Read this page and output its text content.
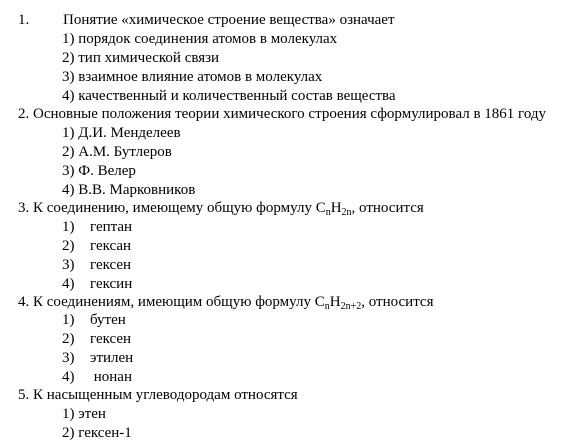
1. Понятие «химическое строение вещества» означает
1) порядок соединения атомов в молекулах
2) тип химической связи
3) взаимное влияние атомов в молекулах
4) качественный и количественный состав вещества
2. Основные положения теории химического строения сформулировал в 1861 году
1) Д.И. Менделеев
2) А.М. Бутлеров
3) Ф. Велер
4) В.В. Марковников
3. К соединению, имеющему общую формулу $C_nH_{2n}$, относится
1) гептан
2) гексан
3) гексен
4) гексин
4. К соединениям, имеющим общую формулу $C_nH_{2n+2}$, относится
1) бутен
2) гексен
3) этилен
4) нонан
5. К насыщенным углеводородам относятся
1) этен
2) гексен-1
